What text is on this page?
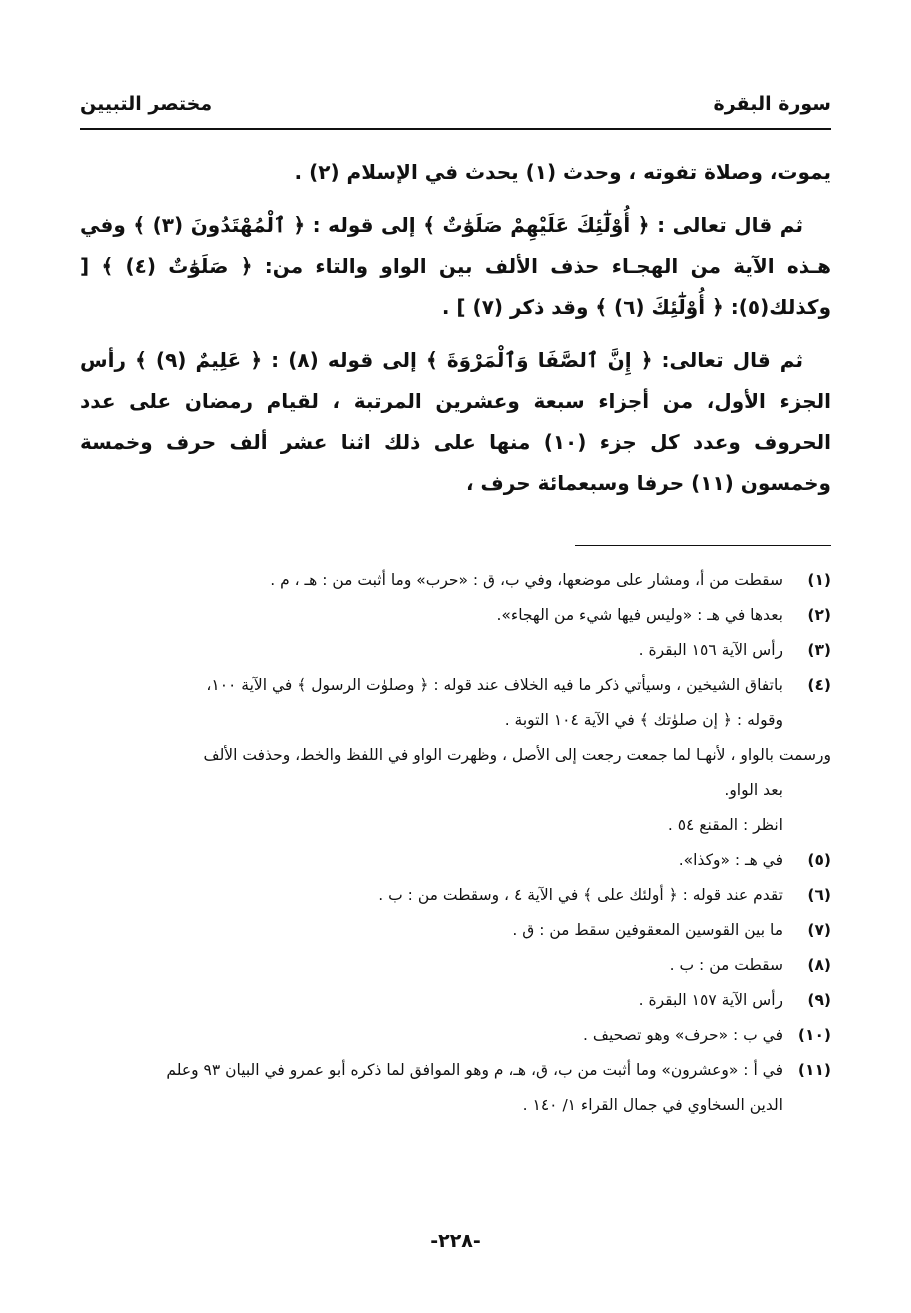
سورة البقرة
مختصر التبيين

يموت، وصلاة تفوته ، وحدث (١) يحدث في الإسلام (٢) .

ثم قال تعالى : ﴿ أُوْلَٰٓئِكَ عَلَيْهِمْ صَلَوَٰتٌ ﴾ إلى قوله : ﴿ ٱلْمُهْتَدُونَ (٣) ﴾ وفي هـذه الآية من الهجـاء حذف الألف بين الواو والتاء من: ﴿ صَلَوَٰتٌ (٤) ﴾ [ وكذلك(٥): ﴿ أُوْلَٰٓئِكَ (٦) ﴾ وقد ذكر (٧) ] .

ثم قال تعالى: ﴿ إِنَّ ٱلصَّفَا وَٱلْمَرْوَةَ ﴾ إلى قوله (٨) : ﴿ عَلِيمٌ (٩) ﴾ رأس الجزء الأول، من أجزاء سبعة وعشرين المرتبة ، لقيام رمضان على عدد الحروف وعدد كل جزء (١٠) منها على ذلك اثنا عشر ألف حرف وخمسة وخمسون (١١) حرفا وسبعمائة حرف ،

(١)
سقطت من أ، ومشار على موضعها، وفي ب، ق : «حرب» وما أثبت من : هـ ، م .
(٢)
بعدها في هـ : «وليس فيها شيء من الهجاء».
(٣)
رأس الآية ١٥٦ البقرة .
(٤)
باتفاق الشيخين ، وسيأتي ذكر ما فيه الخلاف عند قوله : ﴿ وصلوٰت الرسول ﴾ في الآية ١٠٠،
وقوله : ﴿ إن صلوٰتك ﴾ في الآية ١٠٤ التوبة .
ورسمت بالواو ، لأنهـا لما جمعت رجعت إلى الأصل ، وظهرت الواو في اللفظ والخط، وحذفت الألف
بعد الواو.
انظر : المقنع ٥٤ .
(٥)
في هـ : «وكذا».
(٦)
تقدم عند قوله : ﴿ أولئك على ﴾ في الآية ٤ ، وسقطت من : ب .
(٧)
ما بين القوسين المعقوفين سقط من : ق .
(٨)
سقطت من : ب .
(٩)
رأس الآية ١٥٧ البقرة .
(١٠)
في ب : «حرف» وهو تصحيف .
(١١)
في أ : «وعشرون» وما أثبت من ب، ق، هـ، م وهو الموافق لما ذكره أبو عمرو في البيان ٩٣ وعلم
الدين السخاوي في جمال القراء ١/ ١٤٠ .
-٢٢٨-
